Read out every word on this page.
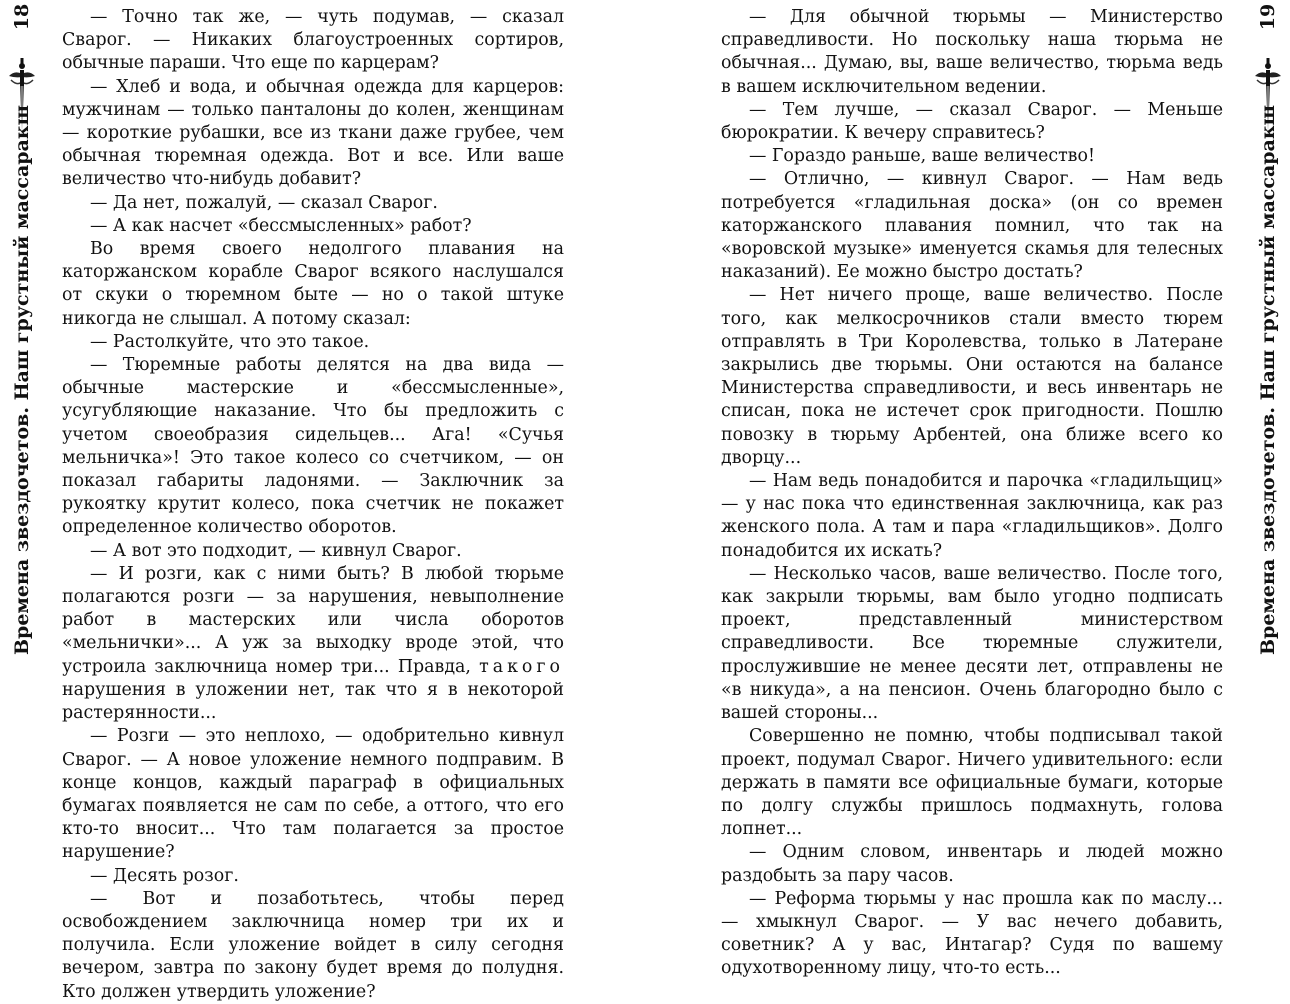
18
Времена звездочетов. Наш грустный массаракш

— Точно так же, — чуть подумав, — сказал Сварог. — Никаких благоустроенных сортиров, обычные параши. Что еще по карцерам?

— Хлеб и вода, и обычная одежда для карцеров: мужчинам — только панталоны до колен, женщинам — короткие рубашки, все из ткани даже грубее, чем обычная тюремная одежда. Вот и все. Или ваше величество что-нибудь добавит?

— Да нет, пожалуй, — сказал Сварог.

— А как насчет «бессмысленных» работ?

Во время своего недолгого плавания на каторжанском корабле Сварог всякого наслушался от скуки о тюремном быте — но о такой штуке никогда не слышал. А потому сказал:

— Растолкуйте, что это такое.

— Тюремные работы делятся на два вида — обычные мастерские и «бессмысленные», усугубляющие наказание. Что бы предложить с учетом своеобразия сидельцев... Ага! «Сучья мельничка»! Это такое колесо со счетчиком, — он показал габариты ладонями. — Заключник за рукоятку крутит колесо, пока счетчик не покажет определенное количество оборотов.

— А вот это подходит, — кивнул Сварог.

— И розги, как с ними быть? В любой тюрьме полагаются розги — за нарушения, невыполнение работ в мастерских или числа оборотов «мельнички»... А уж за выходку вроде этой, что устроила заключница номер три... Правда, такого нарушения в уложении нет, так что я в некоторой растерянности...

— Розги — это неплохо, — одобрительно кивнул Сварог. — А новое уложение немного подправим. В конце концов, каждый параграф в официальных бумагах появляется не сам по себе, а оттого, что его кто-то вносит... Что там полагается за простое нарушение?

— Десять розог.

— Вот и позаботьтесь, чтобы перед освобождением заключница номер три их и получила. Если уложение войдет в силу сегодня вечером, завтра по закону будет время до полудня. Кто должен утвердить уложение?

— Для обычной тюрьмы — Министерство справедливости. Но поскольку наша тюрьма не обычная... Думаю, вы, ваше величество, тюрьма ведь в вашем исключительном ведении.

— Тем лучше, — сказал Сварог. — Меньше бюрократии. К вечеру справитесь?

— Гораздо раньше, ваше величество!

— Отлично, — кивнул Сварог. — Нам ведь потребуется «гладильная доска» (он со времен каторжанского плавания помнил, что так на «воровской музыке» именуется скамья для телесных наказаний). Ее можно быстро достать?

— Нет ничего проще, ваше величество. После того, как мелкосрочников стали вместо тюрем отправлять в Три Королевства, только в Латеране закрылись две тюрьмы. Они остаются на балансе Министерства справедливости, и весь инвентарь не списан, пока не истечет срок пригодности. Пошлю повозку в тюрьму Арбентей, она ближе всего ко дворцу...

— Нам ведь понадобится и парочка «гладильщиц» — у нас пока что единственная заключница, как раз женского пола. А там и пара «гладильщиков». Долго понадобится их искать?

— Несколько часов, ваше величество. После того, как закрыли тюрьмы, вам было угодно подписать проект, представленный министерством справедливости. Все тюремные служители, прослужившие не менее десяти лет, отправлены не «в никуда», а на пенсион. Очень благородно было с вашей стороны...

Совершенно не помню, чтобы подписывал такой проект, подумал Сварог. Ничего удивительного: если держать в памяти все официальные бумаги, которые по долгу службы пришлось подмахнуть, голова лопнет...

— Одним словом, инвентарь и людей можно раздобыть за пару часов.

— Реформа тюрьмы у нас прошла как по маслу... — хмыкнул Сварог. — У вас нечего добавить, советник? А у вас, Интагар? Судя по вашему одухотворенному лицу, что-то есть...

19
Времена звездочетов. Наш грустный массаракш
